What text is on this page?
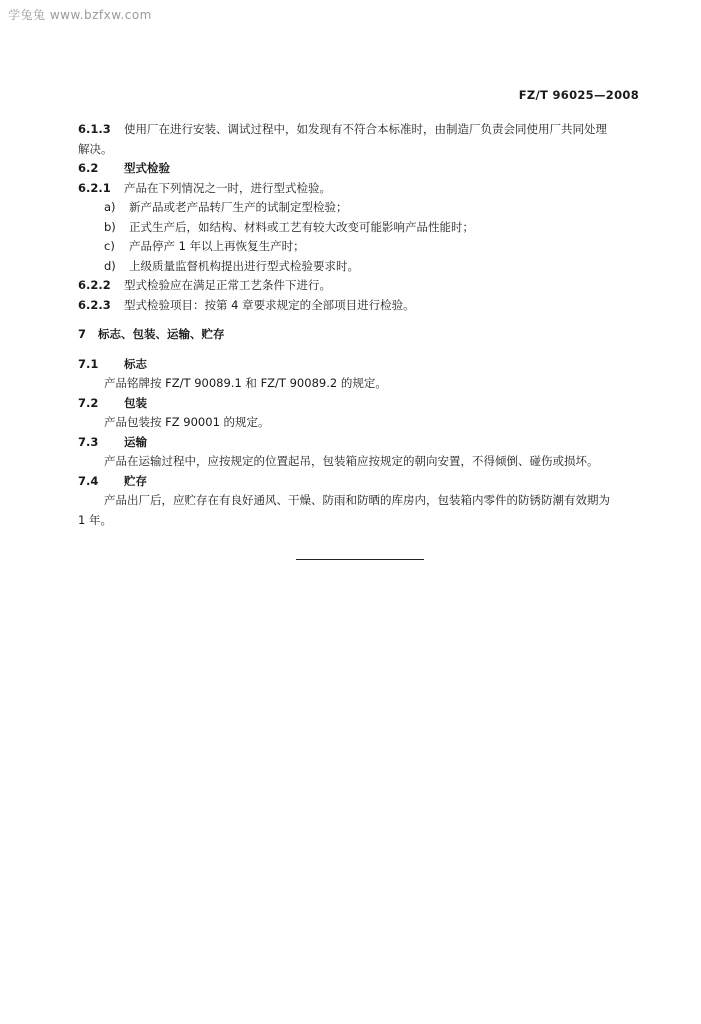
学兔兔 www.bzfxw.com
FZ/T 96025—2008
6.1.3	使用厂在进行安装、调试过程中，如发现有不符合本标准时，由制造厂负责会同使用厂共同处理
解决。
6.2	型式检验
6.2.1	产品在下列情况之一时，进行型式检验。
a)	新产品或老产品转厂生产的试制定型检验；
b)	正式生产后，如结构、材料或工艺有较大改变可能影响产品性能时；
c)	产品停产 1 年以上再恢复生产时；
d)	上级质量监督机构提出进行型式检验要求时。
6.2.2	型式检验应在满足正常工艺条件下进行。
6.2.3	型式检验项目：按第 4 章要求规定的全部项目进行检验。
7	标志、包装、运输、贮存
7.1	标志
产品铭牌按 FZ/T 90089.1 和 FZ/T 90089.2 的规定。
7.2	包装
产品包装按 FZ 90001 的规定。
7.3	运输
产品在运输过程中，应按规定的位置起吊，包装箱应按规定的朝向安置，不得倾倒、碰伤或损坏。
7.4	贮存
产品出厂后，应贮存在有良好通风、干燥、防雨和防晒的库房内，包装箱内零件的防锈防潮有效期为
1 年。
